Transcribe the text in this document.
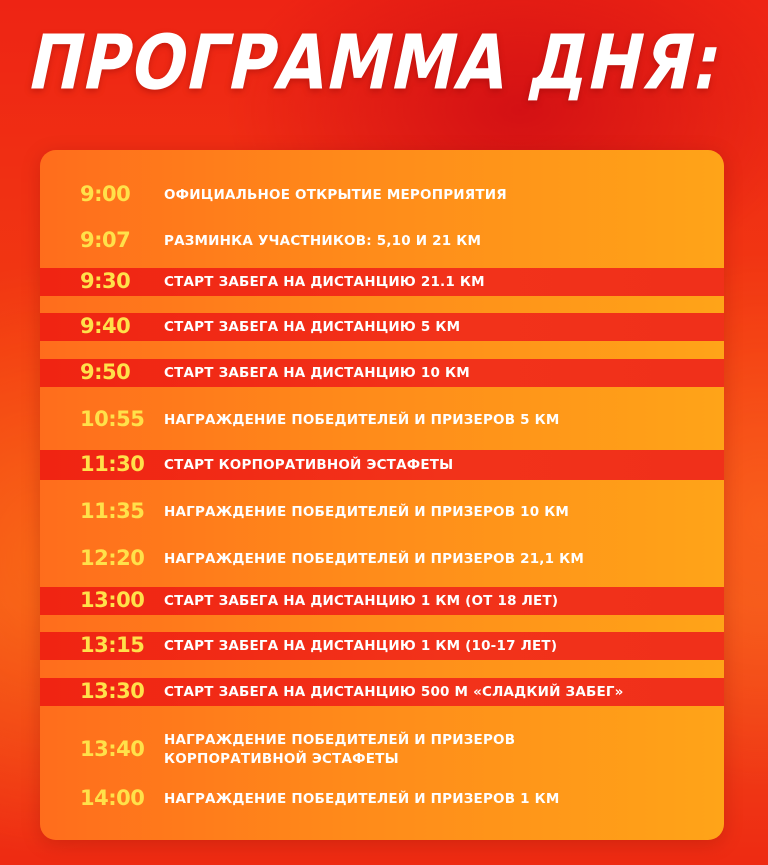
ПРОГРАММА ДНЯ:
9:00	ОФИЦИАЛЬНОЕ ОТКРЫТИЕ МЕРОПРИЯТИЯ
9:07	РАЗМИНКА УЧАСТНИКОВ: 5,10 И 21 КМ
9:30	СТАРТ ЗАБЕГА НА ДИСТАНЦИЮ 21.1 КМ
9:40	СТАРТ ЗАБЕГА НА ДИСТАНЦИЮ 5 КМ
9:50	СТАРТ ЗАБЕГА НА ДИСТАНЦИЮ 10 КМ
10:55	НАГРАЖДЕНИЕ ПОБЕДИТЕЛЕЙ И ПРИЗЕРОВ 5 КМ
11:30	СТАРТ КОРПОРАТИВНОЙ ЭСТАФЕТЫ
11:35	НАГРАЖДЕНИЕ ПОБЕДИТЕЛЕЙ И ПРИЗЕРОВ 10 КМ
12:20	НАГРАЖДЕНИЕ ПОБЕДИТЕЛЕЙ И ПРИЗЕРОВ 21,1 КМ
13:00	СТАРТ ЗАБЕГА НА ДИСТАНЦИЮ 1 КМ (ОТ 18 ЛЕТ)
13:15	СТАРТ ЗАБЕГА НА ДИСТАНЦИЮ 1 КМ (10-17 ЛЕТ)
13:30	СТАРТ ЗАБЕГА НА ДИСТАНЦИЮ 500 М «СЛАДКИЙ ЗАБЕГ»
13:40	НАГРАЖДЕНИЕ ПОБЕДИТЕЛЕЙ И ПРИЗЕРОВ
КОРПОРАТИВНОЙ ЭСТАФЕТЫ
14:00	НАГРАЖДЕНИЕ ПОБЕДИТЕЛЕЙ И ПРИЗЕРОВ 1 КМ
